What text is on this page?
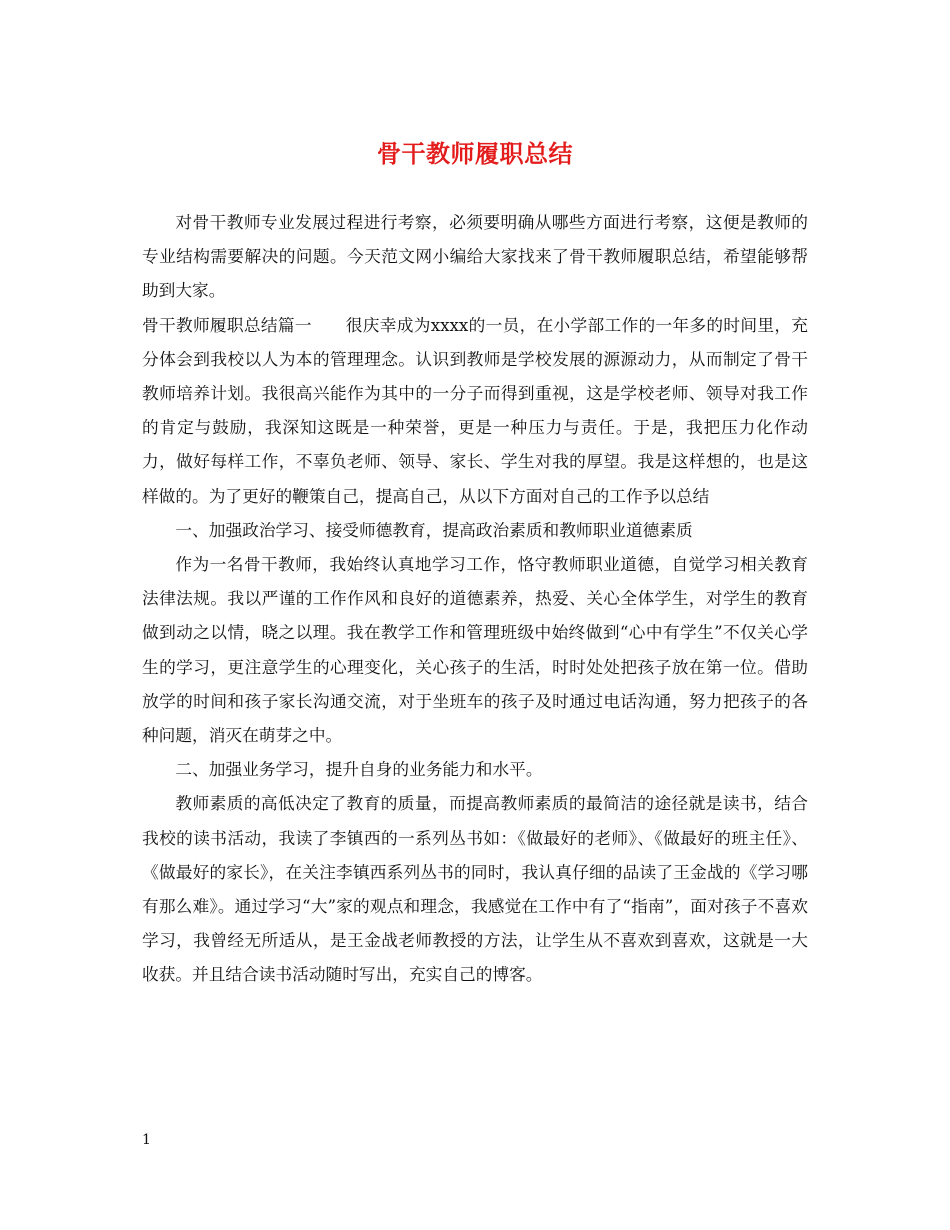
骨干教师履职总结

对骨干教师专业发展过程进行考察，必须要明确从哪些方面进行考察，这便是教师的专业结构需要解决的问题。今天范文网小编给大家找来了骨干教师履职总结，希望能够帮助到大家。

骨干教师履职总结篇一　　很庆幸成为xxxx的一员，在小学部工作的一年多的时间里，充分体会到我校以人为本的管理理念。认识到教师是学校发展的源源动力，从而制定了骨干教师培养计划。我很高兴能作为其中的一分子而得到重视，这是学校老师、领导对我工作的肯定与鼓励，我深知这既是一种荣誉，更是一种压力与责任。于是，我把压力化作动力，做好每样工作，不辜负老师、领导、家长、学生对我的厚望。我是这样想的，也是这样做的。为了更好的鞭策自己，提高自己，从以下方面对自己的工作予以总结

一、加强政治学习、接受师德教育，提高政治素质和教师职业道德素质

作为一名骨干教师，我始终认真地学习工作，恪守教师职业道德，自觉学习相关教育法律法规。我以严谨的工作作风和良好的道德素养，热爱、关心全体学生，对学生的教育做到动之以情，晓之以理。我在教学工作和管理班级中始终做到“心中有学生”不仅关心学生的学习，更注意学生的心理变化，关心孩子的生活，时时处处把孩子放在第一位。借助放学的时间和孩子家长沟通交流，对于坐班车的孩子及时通过电话沟通，努力把孩子的各种问题，消灭在萌芽之中。

二、加强业务学习，提升自身的业务能力和水平。

教师素质的高低决定了教育的质量，而提高教师素质的最简洁的途径就是读书，结合我校的读书活动，我读了李镇西的一系列丛书如：《做最好的老师》、《做最好的班主任》、《做最好的家长》，在关注李镇西系列丛书的同时，我认真仔细的品读了王金战的《学习哪有那么难》。通过学习“大”家的观点和理念，我感觉在工作中有了“指南”，面对孩子不喜欢学习，我曾经无所适从，是王金战老师教授的方法，让学生从不喜欢到喜欢，这就是一大收获。并且结合读书活动随时写出，充实自己的博客。

1
